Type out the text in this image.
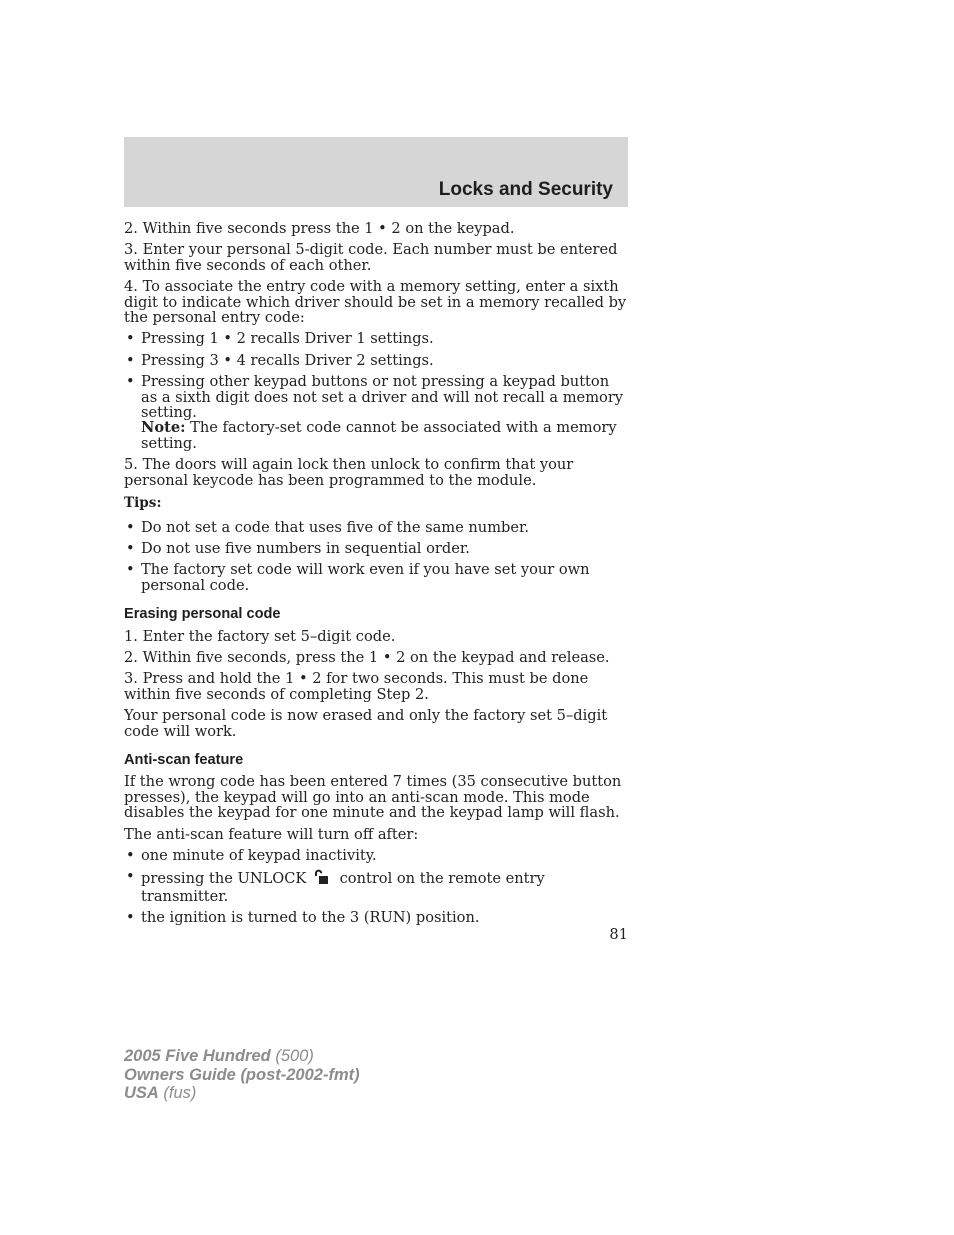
Locks and Security

2. Within five seconds press the 1 • 2 on the keypad.

3. Enter your personal 5-digit code. Each number must be entered within five seconds of each other.

4. To associate the entry code with a memory setting, enter a sixth digit to indicate which driver should be set in a memory recalled by the personal entry code:

• Pressing 1 • 2 recalls Driver 1 settings.
• Pressing 3 • 4 recalls Driver 2 settings.
• Pressing other keypad buttons or not pressing a keypad button as a sixth digit does not set a driver and will not recall a memory setting.
Note: The factory-set code cannot be associated with a memory setting.

5. The doors will again lock then unlock to confirm that your personal keycode has been programmed to the module.

Tips:
• Do not set a code that uses five of the same number.
• Do not use five numbers in sequential order.
• The factory set code will work even if you have set your own personal code.
Erasing personal code

1. Enter the factory set 5–digit code.

2. Within five seconds, press the 1 • 2 on the keypad and release.

3. Press and hold the 1 • 2 for two seconds. This must be done within five seconds of completing Step 2.

Your personal code is now erased and only the factory set 5–digit code will work.

Anti-scan feature

If the wrong code has been entered 7 times (35 consecutive button presses), the keypad will go into an anti-scan mode. This mode disables the keypad for one minute and the keypad lamp will flash.

The anti-scan feature will turn off after:

• one minute of keypad inactivity.
• pressing the UNLOCK control on the remote entry transmitter.
• the ignition is turned to the 3 (RUN) position.
81
2005 Five Hundred (500)
Owners Guide (post-2002-fmt)
USA (fus)
